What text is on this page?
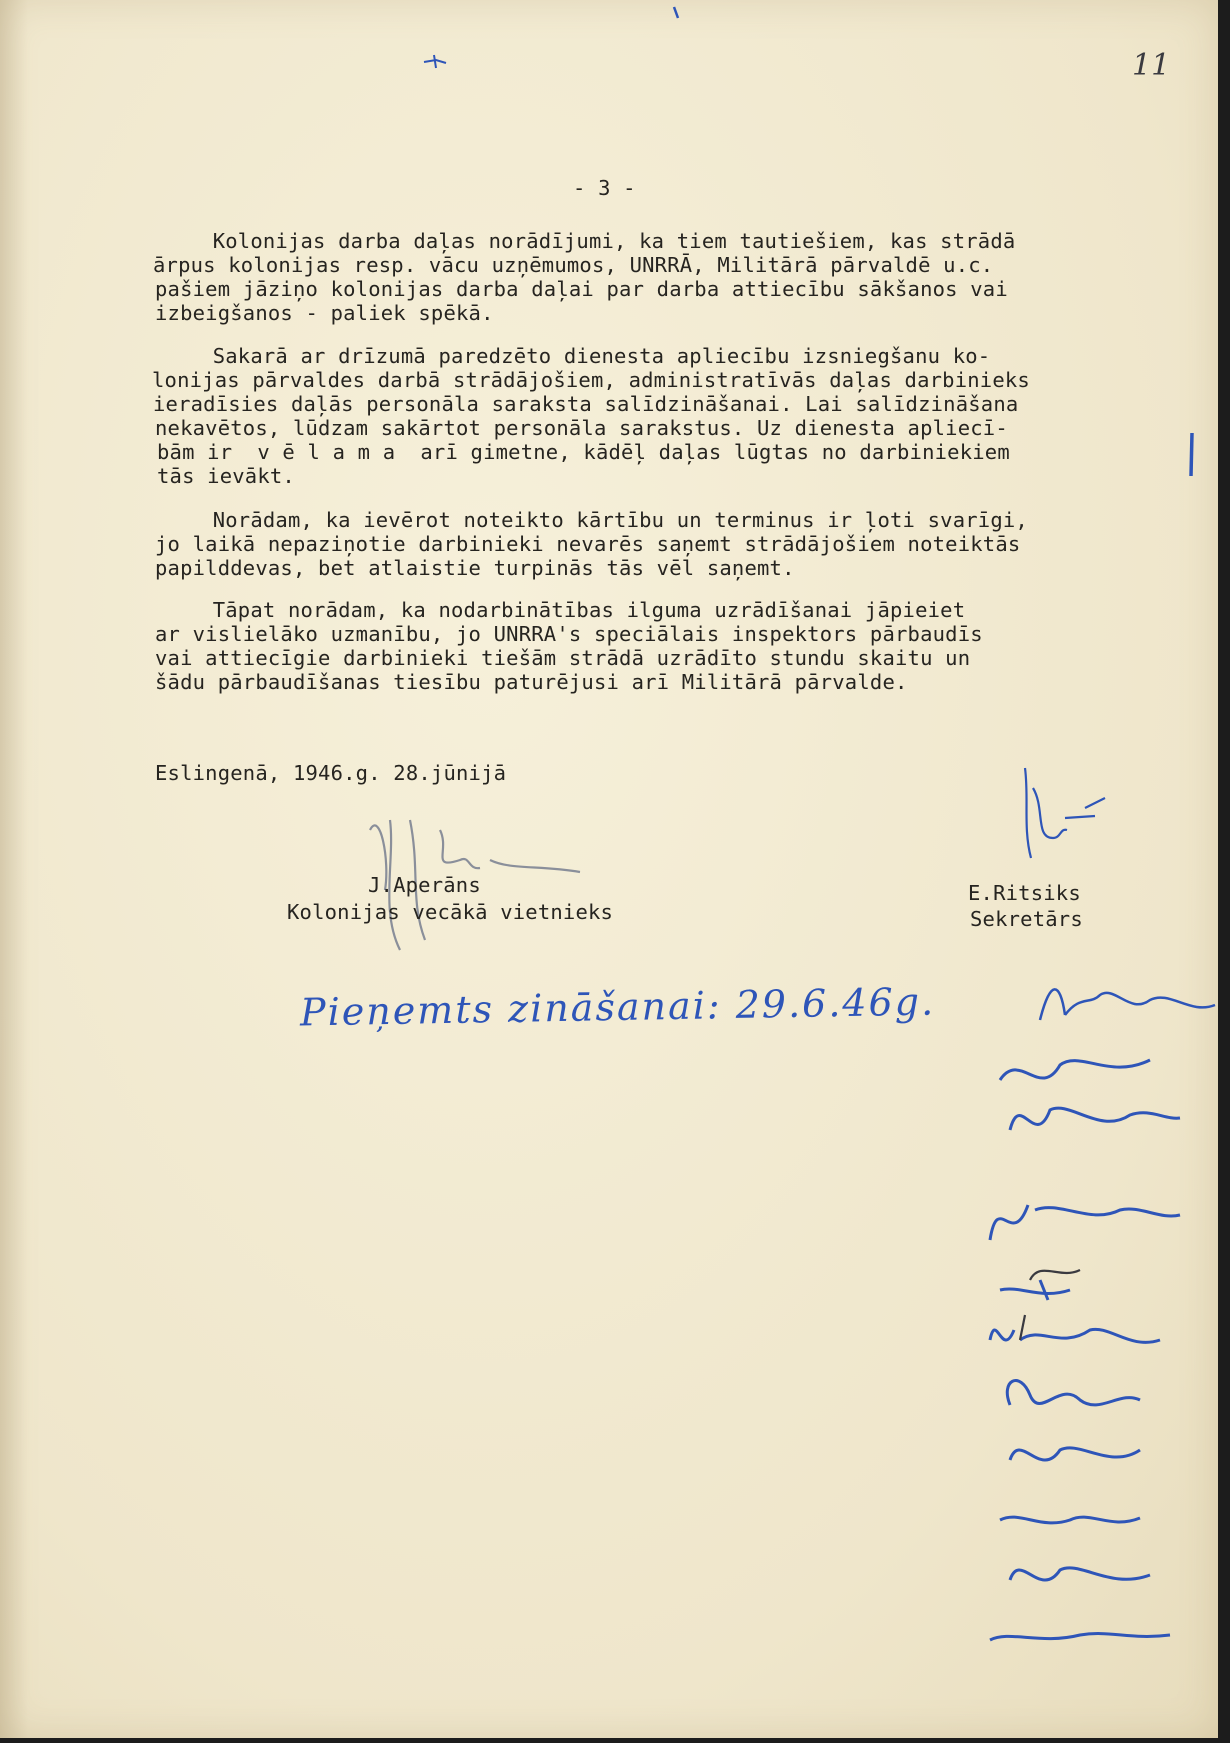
11
- 3 -

Kolonijas darba daļas norādījumi, ka tiem tautiešiem, kas strādā

ārpus kolonijas resp. vācu uzņēmumos, UNRRĀ, Militārā pārvaldē u.c.

pašiem jāziņo kolonijas darba daļai par darba attiecību sākšanos vai

izbeigšanos - paliek spēkā.

Sakarā ar drīzumā paredzēto dienesta apliecību izsniegšanu ko-

lonijas pārvaldes darbā strādājošiem, administratīvās daļas darbinieks

ieradīsies daļās personāla saraksta salīdzināšanai. Lai salīdzināšana

nekavētos, lūdzam sakārtot personāla sarakstus. Uz dienesta apliecī-

bām ir  v ē l a m a  arī gimetne, kādēļ daļas lūgtas no darbiniekiem

tās ievākt.

Norādam, ka ievērot noteikto kārtību un terminus ir ļoti svarīgi,

jo laikā nepaziņotie darbinieki nevarēs saņemt strādājošiem noteiktās

papilddevas, bet atlaistie turpinās tās vēl saņemt.

Tāpat norādam, ka nodarbinātības ilguma uzrādīšanai jāpieiet

ar vislielāko uzmanību, jo UNRRA's speciālais inspektors pārbaudīs

vai attiecīgie darbinieki tiešām strādā uzrādīto stundu skaitu un

šādu pārbaudīšanas tiesību paturējusi arī Militārā pārvalde.

Eslingenā, 1946.g. 28.jūnijā

J.Aperāns

Kolonijas vecākā vietnieks

E.Ritsiks

Sekretārs

Pieņemts zināšanai: 29.6.46g.
